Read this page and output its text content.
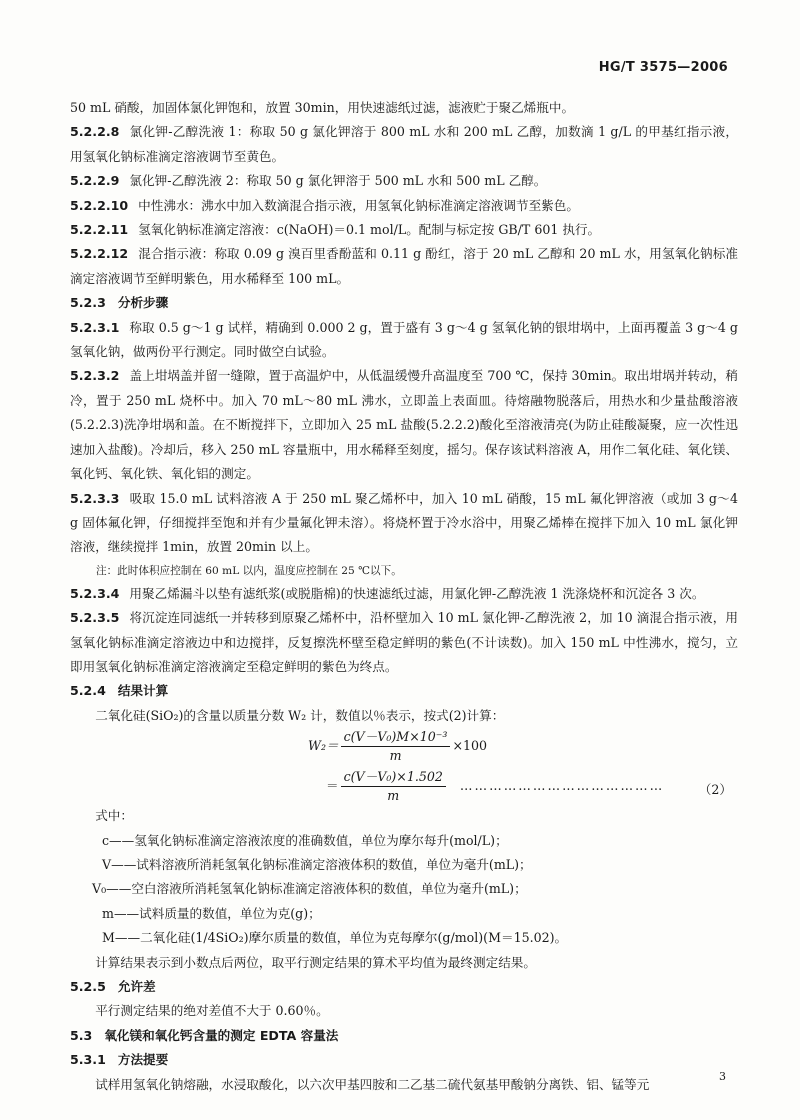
HG/T 3575—2006

50 mL 硝酸，加固体氯化钾饱和，放置 30min，用快速滤纸过滤，滤液贮于聚乙烯瓶中。

5.2.2.8 氯化钾-乙醇洗液 1：称取 50 g 氯化钾溶于 800 mL 水和 200 mL 乙醇，加数滴 1 g/L 的甲基红指示液，用氢氧化钠标准滴定溶液调节至黄色。

5.2.2.9 氯化钾-乙醇洗液 2：称取 50 g 氯化钾溶于 500 mL 水和 500 mL 乙醇。

5.2.2.10 中性沸水：沸水中加入数滴混合指示液，用氢氧化钠标准滴定溶液调节至紫色。

5.2.2.11 氢氧化钠标准滴定溶液：c(NaOH)＝0.1 mol/L。配制与标定按 GB/T 601 执行。

5.2.2.12 混合指示液：称取 0.09 g 溴百里香酚蓝和 0.11 g 酚红，溶于 20 mL 乙醇和 20 mL 水，用氢氧化钠标准滴定溶液调节至鲜明紫色，用水稀释至 100 mL。

5.2.3 分析步骤

5.2.3.1 称取 0.5 g～1 g 试样，精确到 0.000 2 g，置于盛有 3 g～4 g 氢氧化钠的银坩埚中，上面再覆盖 3 g～4 g 氢氧化钠，做两份平行测定。同时做空白试验。

5.2.3.2 盖上坩埚盖并留一缝隙，置于高温炉中，从低温缓慢升高温度至 700 ℃，保持 30min。取出坩埚并转动，稍冷，置于 250 mL 烧杯中。加入 70 mL～80 mL 沸水，立即盖上表面皿。待熔融物脱落后，用热水和少量盐酸溶液(5.2.2.3)洗净坩埚和盖。在不断搅拌下，立即加入 25 mL 盐酸(5.2.2.2)酸化至溶液清亮(为防止硅酸凝聚，应一次性迅速加入盐酸)。冷却后，移入 250 mL 容量瓶中，用水稀释至刻度，摇匀。保存该试料溶液 A，用作二氧化硅、氧化镁、氧化钙、氧化铁、氧化铝的测定。

5.2.3.3 吸取 15.0 mL 试料溶液 A 于 250 mL 聚乙烯杯中，加入 10 mL 硝酸，15 mL 氟化钾溶液（或加 3 g～4 g 固体氟化钾，仔细搅拌至饱和并有少量氟化钾未溶）。将烧杯置于冷水浴中，用聚乙烯棒在搅拌下加入 10 mL 氯化钾溶液，继续搅拌 1min，放置 20min 以上。

注：此时体积应控制在 60 mL 以内，温度应控制在 25 ℃以下。

5.2.3.4 用聚乙烯漏斗以垫有滤纸浆(或脱脂棉)的快速滤纸过滤，用氯化钾-乙醇洗液 1 洗涤烧杯和沉淀各 3 次。

5.2.3.5 将沉淀连同滤纸一并转移到原聚乙烯杯中，沿杯壁加入 10 mL 氯化钾-乙醇洗液 2，加 10 滴混合指示液，用氢氧化钠标准滴定溶液边中和边搅拌，反复擦洗杯壁至稳定鲜明的紫色(不计读数)。加入 150 mL 中性沸水，搅匀，立即用氢氧化钠标准滴定溶液滴定至稳定鲜明的紫色为终点。

5.2.4 结果计算

二氧化硅(SiO₂)的含量以质量分数 W₂ 计，数值以％表示，按式(2)计算：

$W_2= \frac{\text{c(V－V₀)M×10⁻³}}{m} \times 100$
＝ $\frac{\text{c(V－V₀)×1.502}}{m}$ ……………………………………	（2）

式中：

c——氢氧化钠标准滴定溶液浓度的准确数值，单位为摩尔每升(mol/L)；

V——试料溶液所消耗氢氧化钠标准滴定溶液体积的数值，单位为毫升(mL)；

V₀——空白溶液所消耗氢氧化钠标准滴定溶液体积的数值，单位为毫升(mL)；

m——试料质量的数值，单位为克(g)；

M——二氧化硅(1/4SiO₂)摩尔质量的数值，单位为克每摩尔(g/mol)(M＝15.02)。

计算结果表示到小数点后两位，取平行测定结果的算术平均值为最终测定结果。

5.2.5 允许差

平行测定结果的绝对差值不大于 0.60％。

5.3 氧化镁和氧化钙含量的测定 EDTA 容量法

5.3.1 方法提要

试样用氢氧化钠熔融，水浸取酸化，以六次甲基四胺和二乙基二硫代氨基甲酸钠分离铁、铝、锰等元

3
